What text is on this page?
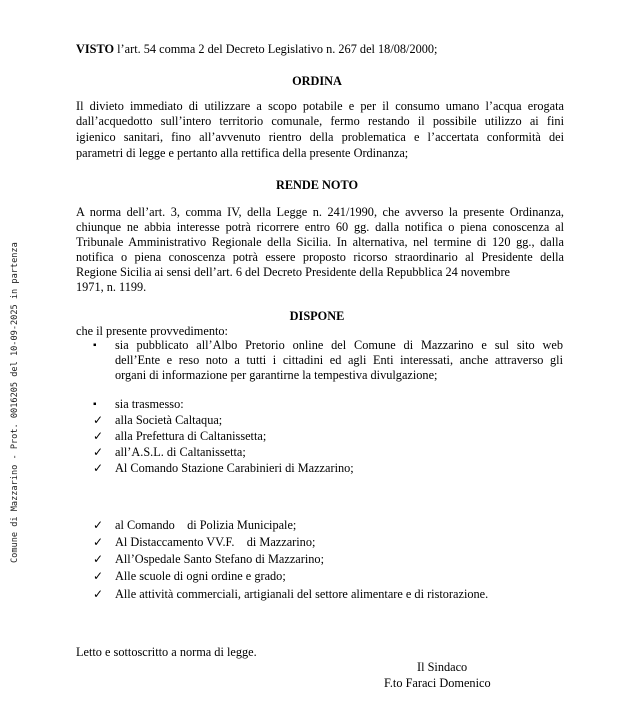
Comune di Mazzarino - Prot. 0016205 del 10-09-2025 in partenza
VISTO l’art. 54 comma 2 del Decreto Legislativo n. 267 del 18/08/2000;
ORDINA
Il divieto immediato di utilizzare a scopo potabile e per il consumo umano l’acqua erogata
dall’acquedotto sull’intero territorio comunale, fermo restando il possibile utilizzo ai fini
igienico sanitari, fino all’avvenuto rientro della problematica e l’accertata conformità dei
parametri di legge e pertanto alla rettifica della presente Ordinanza;
RENDE NOTO
A norma dell’art. 3, comma IV, della Legge n. 241/1990, che avverso la presente Ordinanza,
chiunque ne abbia interesse potrà ricorrere entro 60 gg. dalla notifica o piena conoscenza al
Tribunale Amministrativo Regionale della Sicilia. In alternativa, nel termine di 120 gg., dalla
notifica o piena conoscenza potrà essere proposto ricorso straordinario al Presidente della
Regione Sicilia ai sensi dell’art. 6 del Decreto Presidente della Repubblica 24 novembre
1971, n. 1199.
DISPONE
che il presente provvedimento:
▪ sia pubblicato all’Albo Pretorio online del Comune di Mazzarino e sul sito web
dell’Ente e reso noto a tutti i cittadini ed agli Enti interessati, anche attraverso gli
organi di informazione per garantirne la tempestiva divulgazione;
▪ sia trasmesso:
✓ alla Società Caltaqua;
✓ alla Prefettura di Caltanissetta;
✓ all’A.S.L. di Caltanissetta;
✓ Al Comando Stazione Carabinieri di Mazzarino;
✓ al Comando    di Polizia Municipale;
✓ Al Distaccamento VV.F.    di Mazzarino;
✓ All’Ospedale Santo Stefano di Mazzarino;
✓ Alle scuole di ogni ordine e grado;
✓ Alle attività commerciali, artigianali del settore alimentare e di ristorazione.
Letto e sottoscritto a norma di legge.
Il Sindaco
F.to Faraci Domenico
